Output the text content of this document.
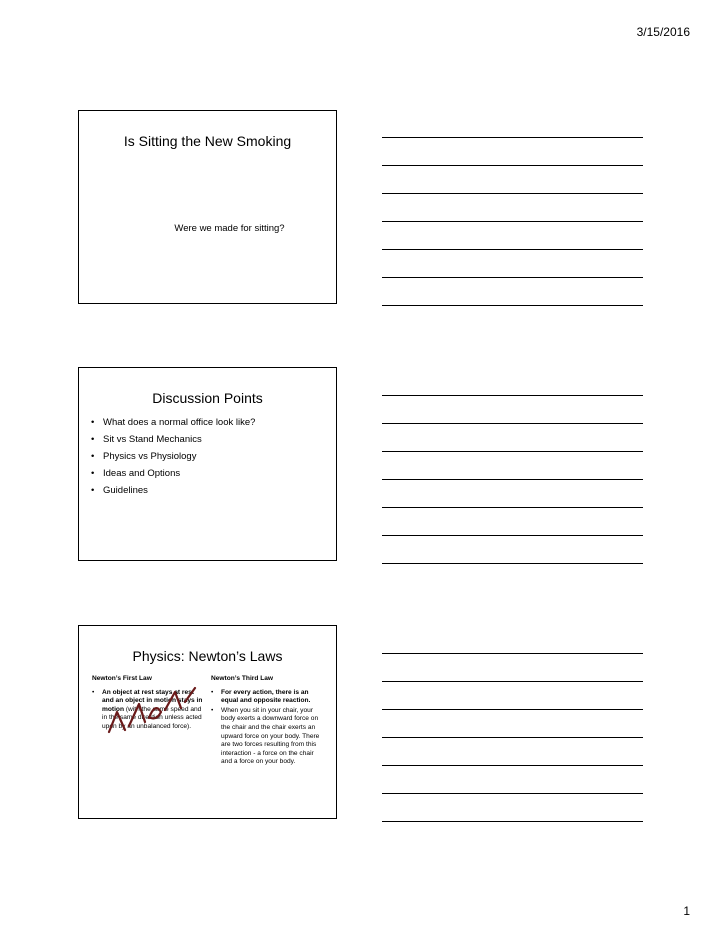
3/15/2016
Is Sitting the New Smoking
Were we made for sitting?
Discussion Points
• What does a normal office look like?
• Sit vs Stand Mechanics
• Physics vs Physiology
• Ideas and Options
• Guidelines
Physics: Newton’s Laws
Newton’s First Law
• An object at rest stays at rest and an object in motion stays in motion (with the same speed and in the same direction unless acted upon by an unbalanced force).
Newton’s Third Law
• For every action, there is an equal and opposite reaction.
• When you sit in your chair, your body exerts a downward force on the chair and the chair exerts an upward force on your body. There are two forces resulting from this interaction - a force on the chair and a force on your body.
1
